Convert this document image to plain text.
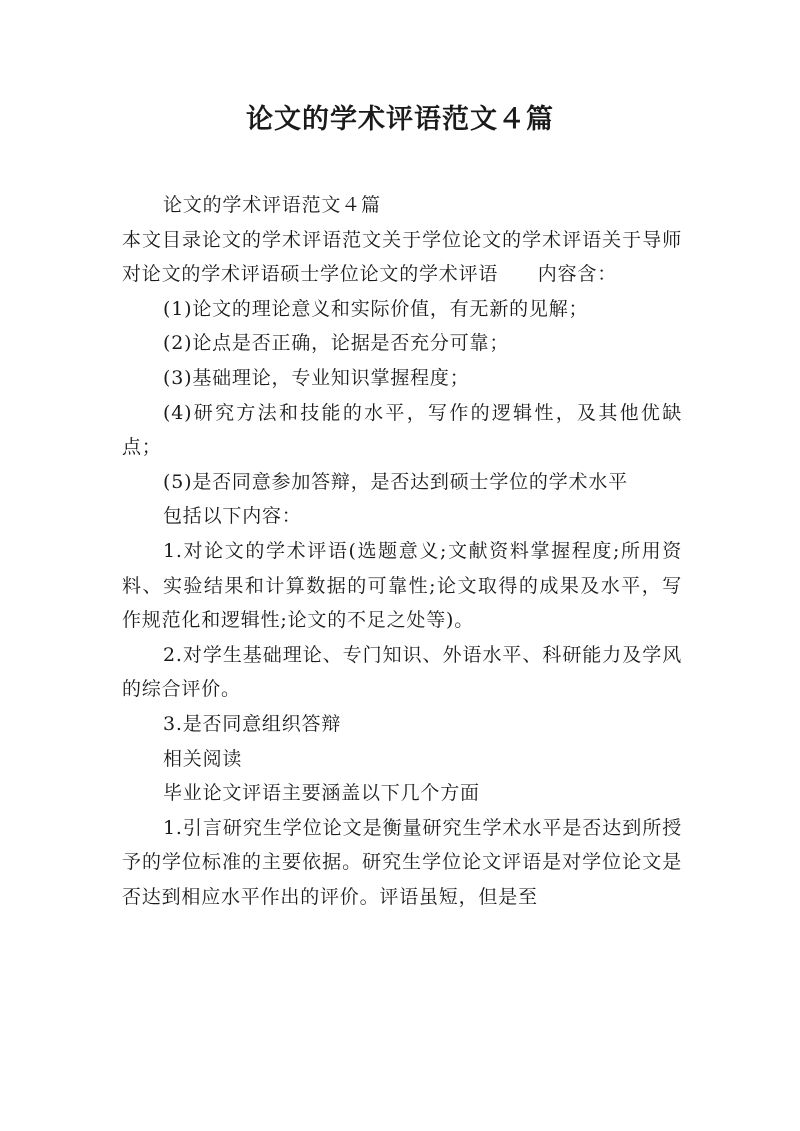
论文的学术评语范文４篇

论文的学术评语范文４篇

本文目录论文的学术评语范文关于学位论文的学术评语关于导师对论文的学术评语硕士学位论文的学术评语　　内容含：

(1)论文的理论意义和实际价值，有无新的见解；

(2)论点是否正确，论据是否充分可靠；

(3)基础理论，专业知识掌握程度；

(4)研究方法和技能的水平，写作的逻辑性，及其他优缺点；

(5)是否同意参加答辩，是否达到硕士学位的学术水平

包括以下内容：

1.对论文的学术评语(选题意义;文献资料掌握程度;所用资料、实验结果和计算数据的可靠性;论文取得的成果及水平，写作规范化和逻辑性;论文的不足之处等)。

2.对学生基础理论、专门知识、外语水平、科研能力及学风的综合评价。

3.是否同意组织答辩

相关阅读

毕业论文评语主要涵盖以下几个方面

1.引言研究生学位论文是衡量研究生学术水平是否达到所授予的学位标准的主要依据。研究生学位论文评语是对学位论文是否达到相应水平作出的评价。评语虽短，但是至
